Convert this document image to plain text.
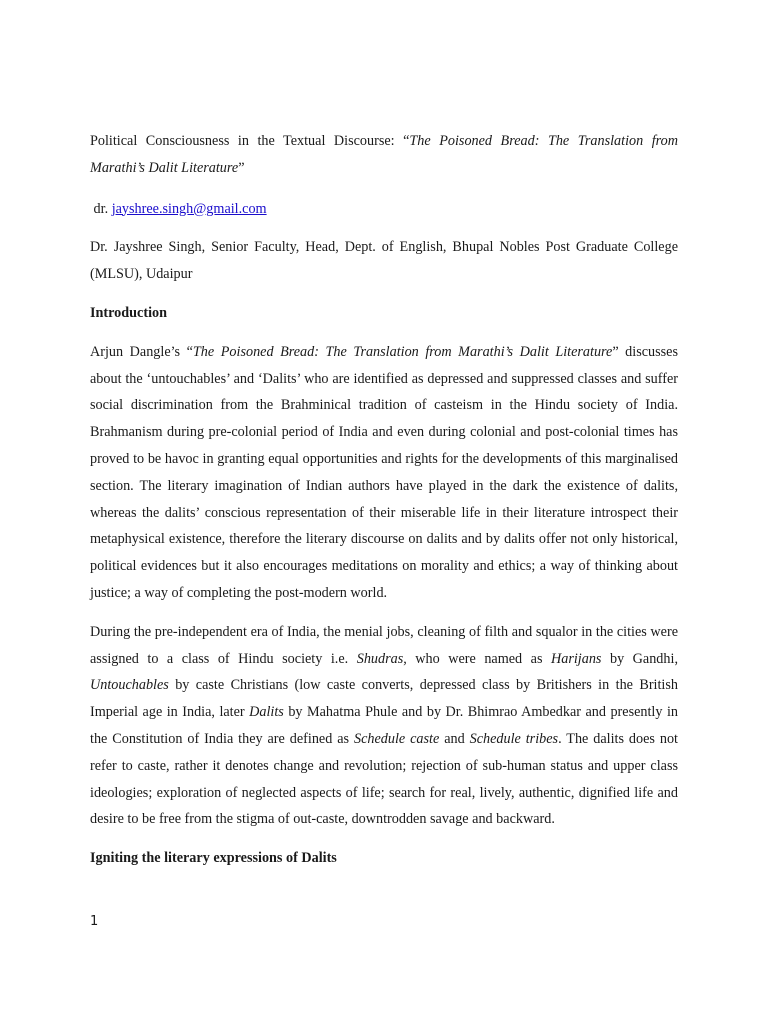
Political Consciousness in the Textual Discourse: “The Poisoned Bread: The Translation from Marathi’s Dalit Literature”

dr. jayshree.singh@gmail.com

Dr. Jayshree Singh, Senior Faculty, Head, Dept. of English, Bhupal Nobles Post Graduate College (MLSU), Udaipur

Introduction

Arjun Dangle’s “The Poisoned Bread: The Translation from Marathi’s Dalit Literature” discusses about the ‘untouchables’ and ‘Dalits’ who are identified as depressed and suppressed classes and suffer social discrimination from the Brahminical tradition of casteism in the Hindu society of India. Brahmanism during pre-colonial period of India and even during colonial and post-colonial times has proved to be havoc in granting equal opportunities and rights for the developments of this marginalised section. The literary imagination of Indian authors have played in the dark the existence of dalits, whereas the dalits’ conscious representation of their miserable life in their literature introspect their metaphysical existence, therefore the literary discourse on dalits and by dalits offer not only historical, political evidences but it also encourages meditations on morality and ethics; a way of thinking about justice; a way of completing the post-modern world.

During the pre-independent era of India, the menial jobs, cleaning of filth and squalor in the cities were assigned to a class of Hindu society i.e. Shudras, who were named as Harijans by Gandhi, Untouchables by caste Christians (low caste converts, depressed class by Britishers in the British Imperial age in India, later Dalits by Mahatma Phule and by Dr. Bhimrao Ambedkar and presently in the Constitution of India they are defined as Schedule caste and Schedule tribes. The dalits does not refer to caste, rather it denotes change and revolution; rejection of sub-human status and upper class ideologies; exploration of neglected aspects of life; search for real, lively, authentic, dignified life and desire to be free from the stigma of out-caste, downtrodden savage and backward.

Igniting the literary expressions of Dalits

1
